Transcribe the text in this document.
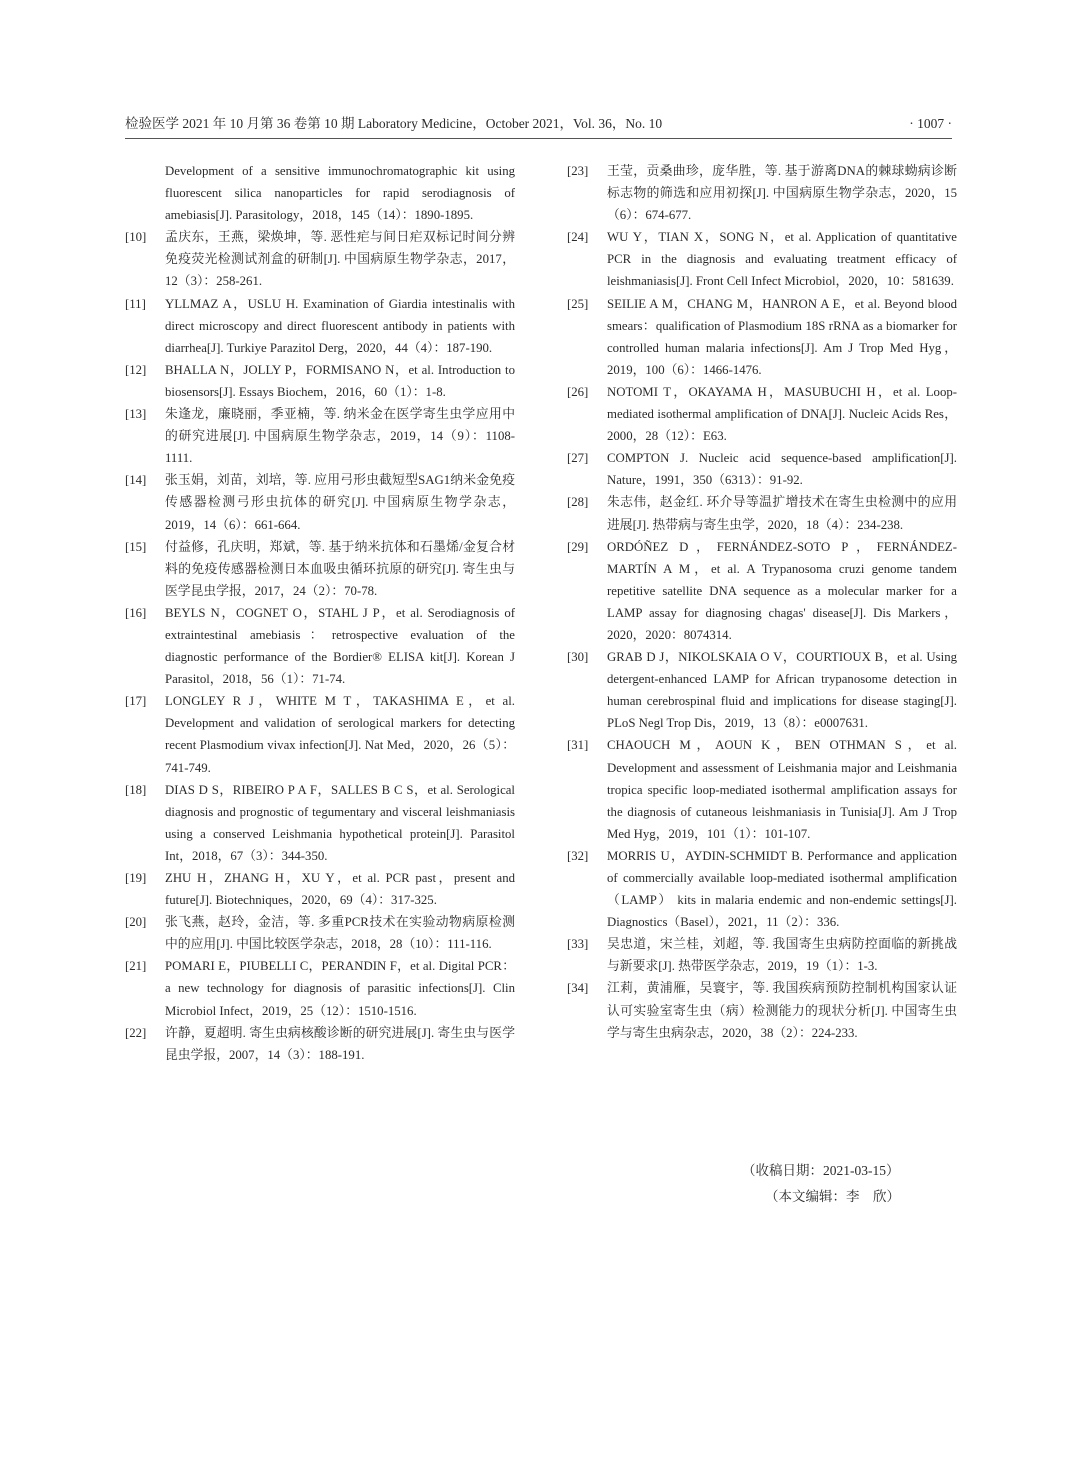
检验医学 2021 年 10 月第 36 卷第 10 期 Laboratory Medicine，October 2021，Vol. 36，No. 10	· 1007 ·

Development of a sensitive immunochromatographic kit using fluorescent silica nanoparticles for rapid serodiagnosis of amebiasis[J]. Parasitology，2018，145（14）：1890-1895.

[10]	孟庆东，王燕，梁焕坤，等. 恶性疟与间日疟双标记时间分辨免疫荧光检测试剂盒的研制[J]. 中国病原生物学杂志，2017，12（3）：258-261.

[11]	YLLMAZ A，USLU H. Examination of Giardia intestinalis with direct microscopy and direct fluorescent antibody in patients with diarrhea[J]. Turkiye Parazitol Derg，2020，44（4）：187-190.

[12]	BHALLA N，JOLLY P，FORMISANO N，et al. Introduction to biosensors[J]. Essays Biochem，2016，60（1）：1-8.

[13]	朱逢龙，廉晓丽，季亚楠，等. 纳米金在医学寄生虫学应用中的研究进展[J]. 中国病原生物学杂志，2019，14（9）：1108-1111.

[14]	张玉娟，刘苗，刘培，等. 应用弓形虫截短型SAG1纳米金免疫传感器检测弓形虫抗体的研究[J]. 中国病原生物学杂志，2019，14（6）：661-664.

[15]	付益修，孔庆明，郑斌，等. 基于纳米抗体和石墨烯/金复合材料的免疫传感器检测日本血吸虫循环抗原的研究[J]. 寄生虫与医学昆虫学报，2017，24（2）：70-78.

[16]	BEYLS N，COGNET O，STAHL J P，et al. Serodiagnosis of extraintestinal amebiasis：retrospective evaluation of the diagnostic performance of the Bordier® ELISA kit[J]. Korean J Parasitol，2018，56（1）：71-74.

[17]	LONGLEY R J，WHITE M T，TAKASHIMA E，et al. Development and validation of serological markers for detecting recent Plasmodium vivax infection[J]. Nat Med，2020，26（5）：741-749.

[18]	DIAS D S，RIBEIRO P A F，SALLES B C S，et al. Serological diagnosis and prognostic of tegumentary and visceral leishmaniasis using a conserved Leishmania hypothetical protein[J]. Parasitol Int，2018，67（3）：344-350.

[19]	ZHU H，ZHANG H，XU Y，et al. PCR past，present and future[J]. Biotechniques，2020，69（4）：317-325.

[20]	张飞燕，赵玲，金洁，等. 多重PCR技术在实验动物病原检测中的应用[J]. 中国比较医学杂志，2018，28（10）：111-116.

[21]	POMARI E，PIUBELLI C，PERANDIN F，et al. Digital PCR：a new technology for diagnosis of parasitic infections[J]. Clin Microbiol Infect，2019，25（12）：1510-1516.

[22]	许静，夏超明. 寄生虫病核酸诊断的研究进展[J]. 寄生虫与医学昆虫学报，2007，14（3）：188-191.

[23]	王莹，贡桑曲珍，庞华胜，等. 基于游离DNA的棘球蚴病诊断标志物的筛选和应用初探[J]. 中国病原生物学杂志，2020，15（6）：674-677.

[24]	WU Y，TIAN X，SONG N，et al. Application of quantitative PCR in the diagnosis and evaluating treatment efficacy of leishmaniasis[J]. Front Cell Infect Microbiol，2020，10：581639.

[25]	SEILIE A M，CHANG M，HANRON A E，et al. Beyond blood smears：qualification of Plasmodium 18S rRNA as a biomarker for controlled human malaria infections[J]. Am J Trop Med Hyg，2019，100（6）：1466-1476.

[26]	NOTOMI T，OKAYAMA H，MASUBUCHI H，et al. Loop-mediated isothermal amplification of DNA[J]. Nucleic Acids Res，2000，28（12）：E63.

[27]	COMPTON J. Nucleic acid sequence-based amplification[J]. Nature，1991，350（6313）：91-92.

[28]	朱志伟，赵金红. 环介导等温扩增技术在寄生虫检测中的应用进展[J]. 热带病与寄生虫学，2020，18（4）：234-238.

[29]	ORDÓÑEZ D，FERNÁNDEZ-SOTO P，FERNÁNDEZ-MARTÍN A M，et al. A Trypanosoma cruzi genome tandem repetitive satellite DNA sequence as a molecular marker for a LAMP assay for diagnosing chagas' disease[J]. Dis Markers，2020，2020：8074314.

[30]	GRAB D J，NIKOLSKAIA O V，COURTIOUX B，et al. Using detergent-enhanced LAMP for African trypanosome detection in human cerebrospinal fluid and implications for disease staging[J]. PLoS Negl Trop Dis，2019，13（8）：e0007631.

[31]	CHAOUCH M，AOUN K，BEN OTHMAN S，et al. Development and assessment of Leishmania major and Leishmania tropica specific loop-mediated isothermal amplification assays for the diagnosis of cutaneous leishmaniasis in Tunisia[J]. Am J Trop Med Hyg，2019，101（1）：101-107.

[32]	MORRIS U，AYDIN-SCHMIDT B. Performance and application of commercially available loop-mediated isothermal amplification（LAMP） kits in malaria endemic and non-endemic settings[J]. Diagnostics（Basel），2021，11（2）：336.

[33]	吴忠道，宋兰桂，刘超，等. 我国寄生虫病防控面临的新挑战与新要求[J]. 热带医学杂志，2019，19（1）：1-3.

[34]	江莉，黄浦雁，吴寰宇，等. 我国疾病预防控制机构国家认证认可实验室寄生虫（病）检测能力的现状分析[J]. 中国寄生虫学与寄生虫病杂志，2020，38（2）：224-233.

（收稿日期：2021-03-15）
（本文编辑：李　欣）
